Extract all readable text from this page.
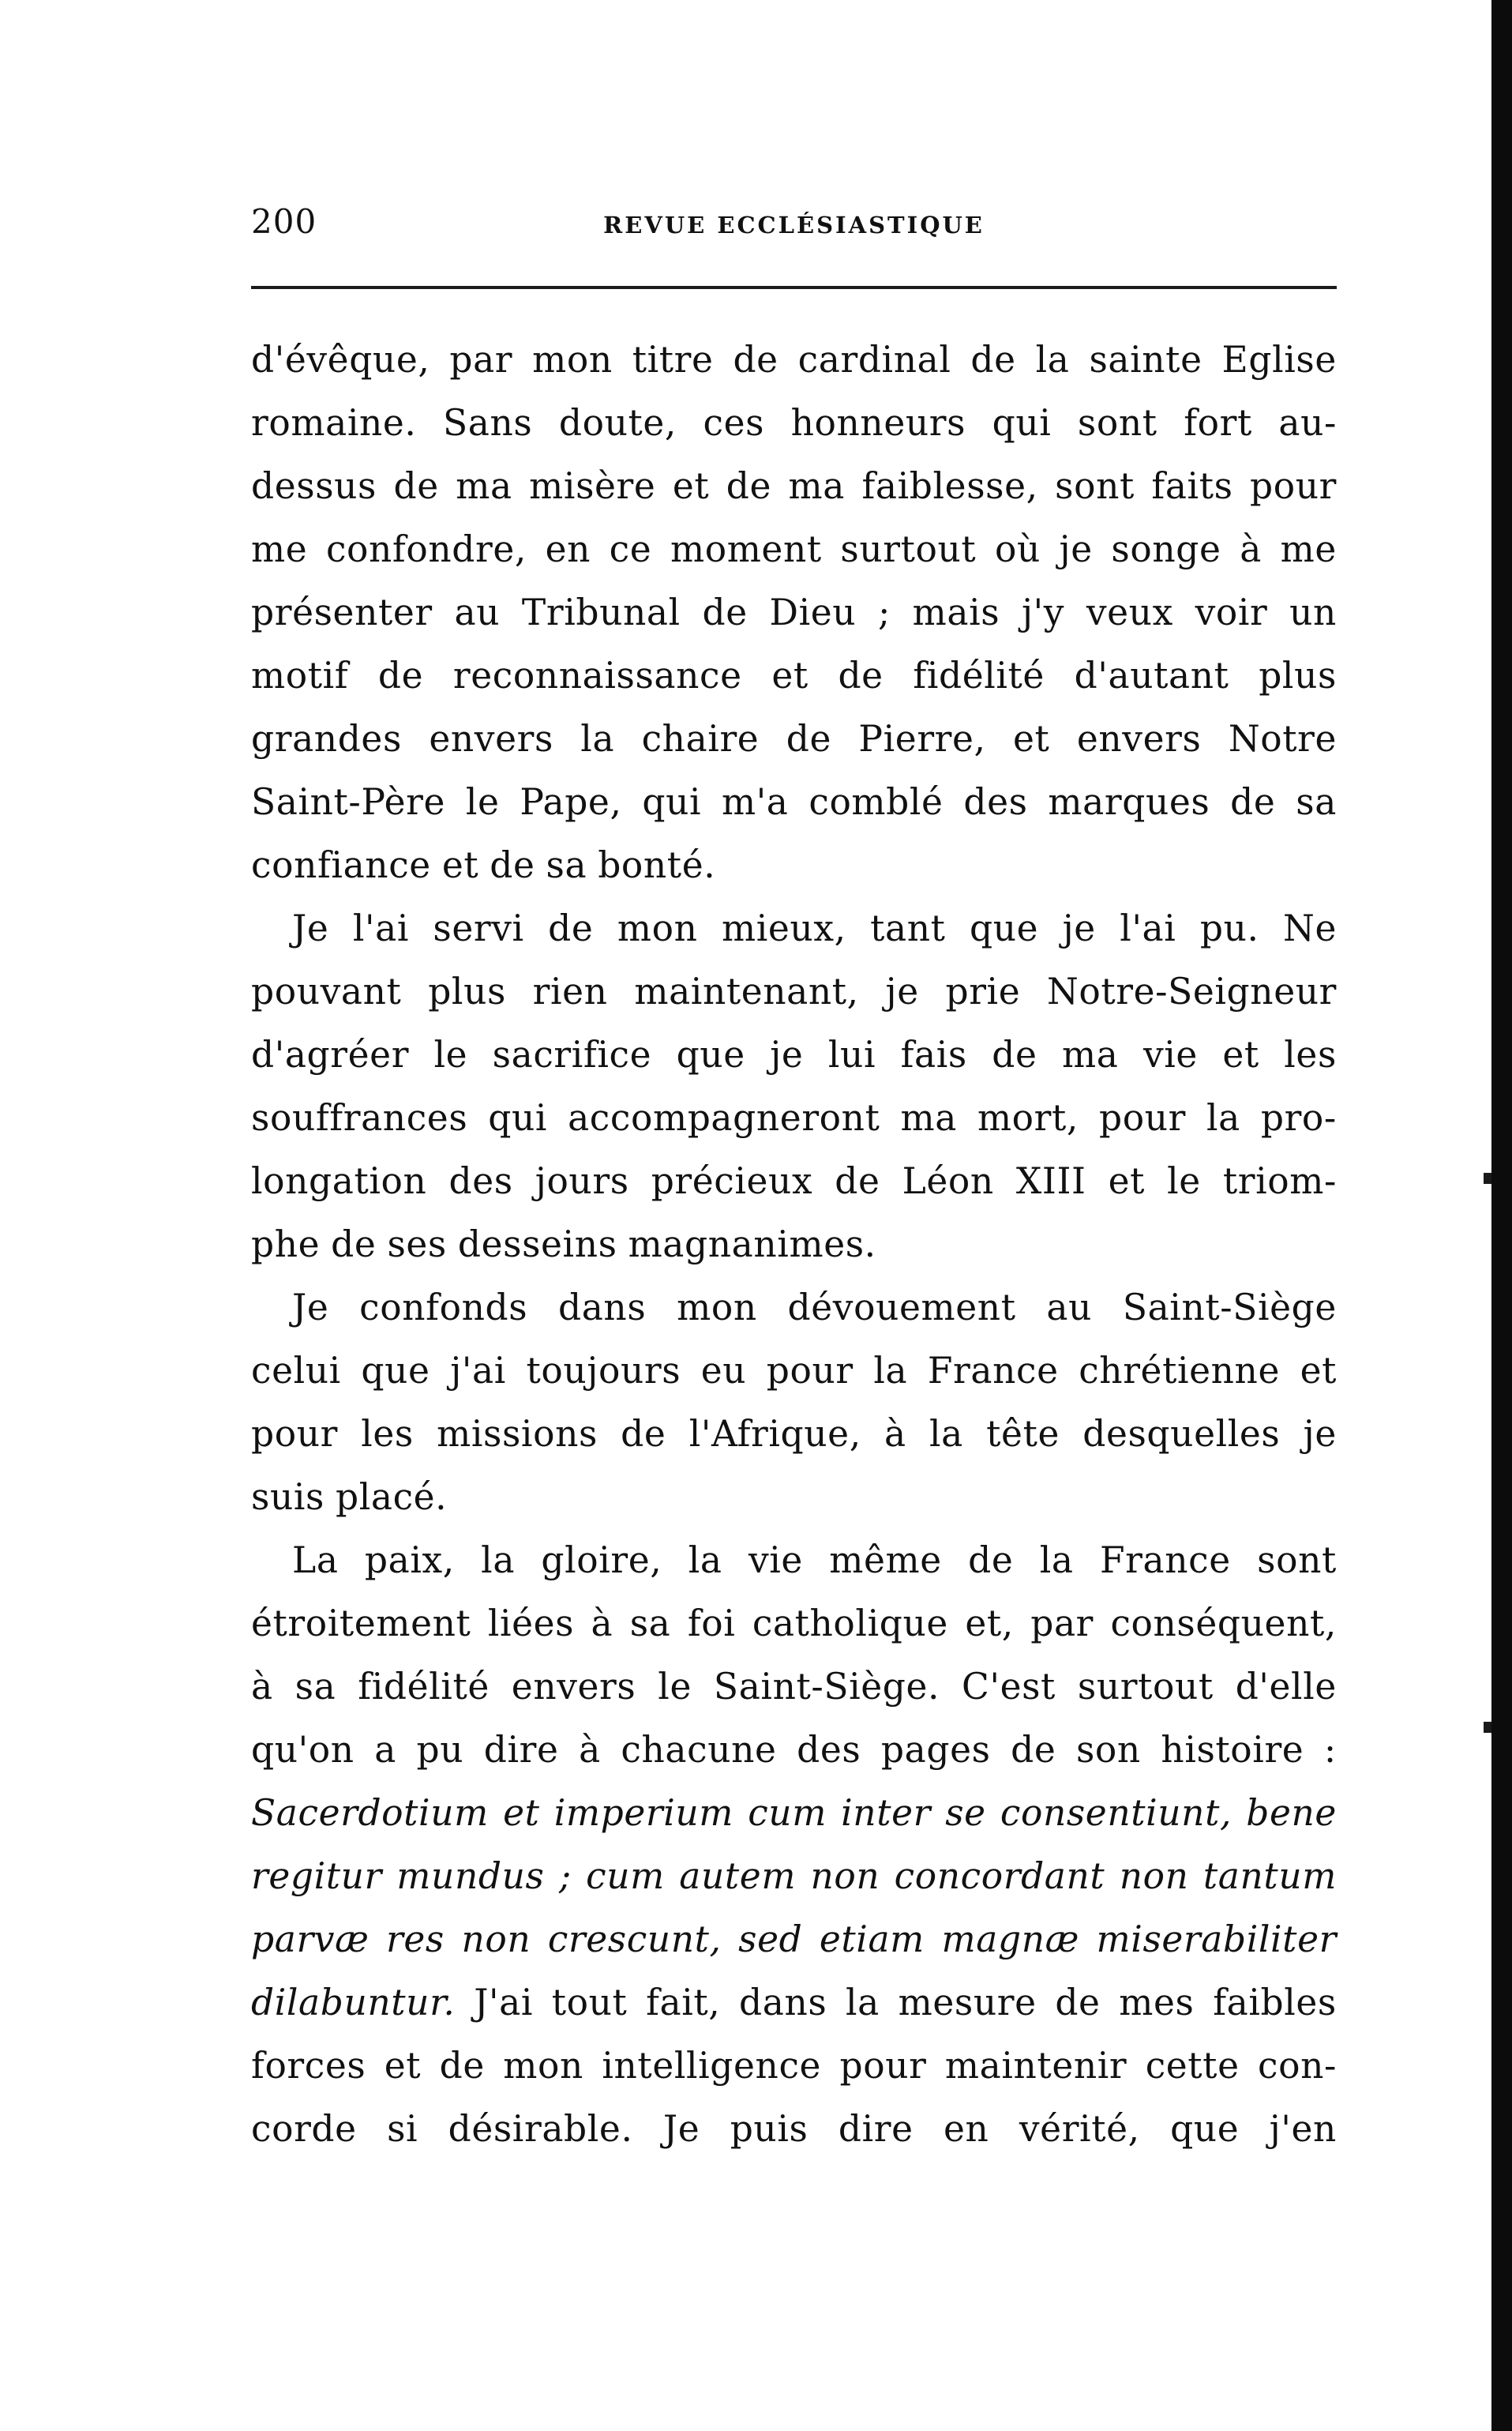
200	REVUE ECCLÉSIASTIQUE
d'évêque, par mon titre de cardinal de la sainte Eglise
romaine. Sans doute, ces honneurs qui sont fort au-
dessus de ma misère et de ma faiblesse, sont faits pour
me confondre, en ce moment surtout où je songe à me
présenter au Tribunal de Dieu ; mais j'y veux voir un
motif de reconnaissance et de fidélité d'autant plus
grandes envers la chaire de Pierre, et envers Notre
Saint-Père le Pape, qui m'a comblé des marques de sa
confiance et de sa bonté.
Je l'ai servi de mon mieux, tant que je l'ai pu. Ne
pouvant plus rien maintenant, je prie Notre-Seigneur
d'agréer le sacrifice que je lui fais de ma vie et les
souffrances qui accompagneront ma mort, pour la pro-
longation des jours précieux de Léon XIII et le triom-
phe de ses desseins magnanimes.
Je confonds dans mon dévouement au Saint-Siège
celui que j'ai toujours eu pour la France chrétienne et
pour les missions de l'Afrique, à la tête desquelles je
suis placé.
La paix, la gloire, la vie même de la France sont
étroitement liées à sa foi catholique et, par conséquent,
à sa fidélité envers le Saint-Siège. C'est surtout d'elle
qu'on a pu dire à chacune des pages de son histoire :
Sacerdotium et imperium cum inter se consentiunt, bene
regitur mundus ; cum autem non concordant non tantum
parvæ res non crescunt, sed etiam magnæ miserabiliter
dilabuntur. J'ai tout fait, dans la mesure de mes faibles
forces et de mon intelligence pour maintenir cette con-
corde si désirable. Je puis dire en vérité, que j'en
